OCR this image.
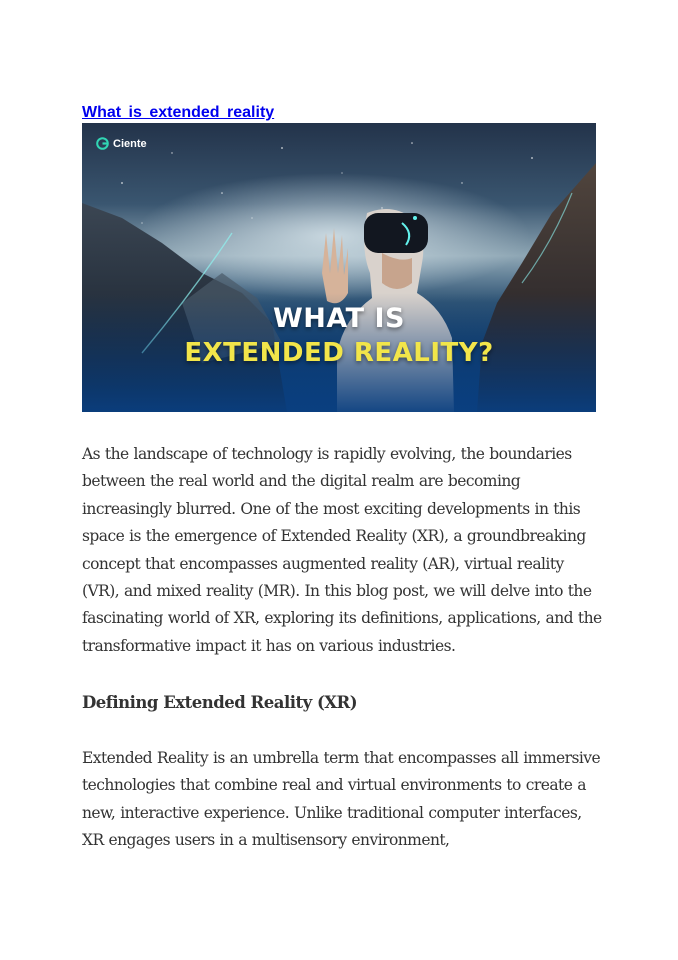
What is extended reality
Ciente
WHAT IS
EXTENDED REALITY?

As the landscape of technology is rapidly evolving, the boundaries between the real world and the digital realm are becoming increasingly blurred. One of the most exciting developments in this space is the emergence of Extended Reality (XR), a groundbreaking concept that encompasses augmented reality (AR), virtual reality (VR), and mixed reality (MR). In this blog post, we will delve into the fascinating world of XR, exploring its definitions, applications, and the transformative impact it has on various industries.

Defining Extended Reality (XR)

Extended Reality is an umbrella term that encompasses all immersive technologies that combine real and virtual environments to create a new, interactive experience. Unlike traditional computer interfaces, XR engages users in a multisensory environment,
